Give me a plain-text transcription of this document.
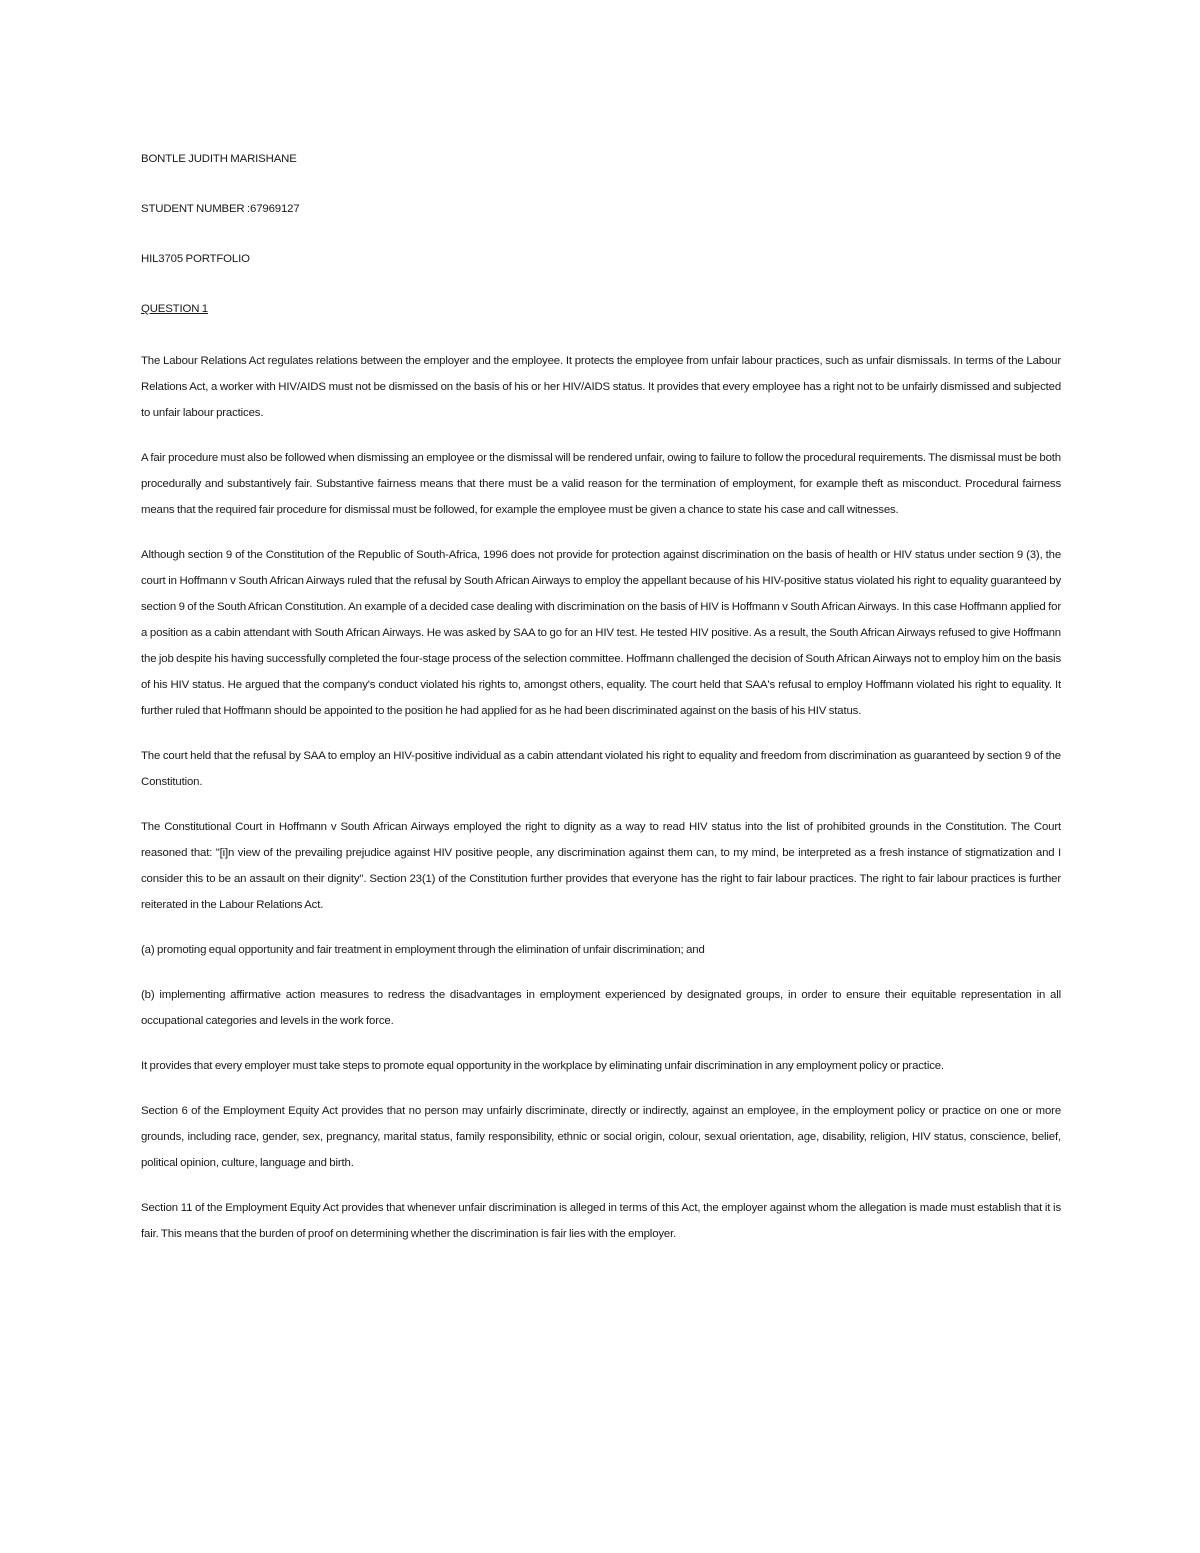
BONTLE JUDITH MARISHANE

STUDENT NUMBER :67969127

HIL3705 PORTFOLIO

QUESTION 1

The Labour Relations Act regulates relations between the employer and the employee. It protects the employee from unfair labour practices, such as unfair dismissals. In terms of the Labour Relations Act, a worker with HIV/AIDS must not be dismissed on the basis of his or her HIV/AIDS status. It provides that every employee has a right not to be unfairly dismissed and subjected to unfair labour practices.

A fair procedure must also be followed when dismissing an employee or the dismissal will be rendered unfair, owing to failure to follow the procedural requirements. The dismissal must be both procedurally and substantively fair. Substantive fairness means that there must be a valid reason for the termination of employment, for example theft as misconduct. Procedural fairness means that the required fair procedure for dismissal must be followed, for example the employee must be given a chance to state his case and call witnesses.

Although section 9 of the Constitution of the Republic of South-Africa, 1996 does not provide for protection against discrimination on the basis of health or HIV status under section 9 (3), the court in Hoffmann v South African Airways ruled that the refusal by South African Airways to employ the appellant because of his HIV-positive status violated his right to equality guaranteed by section 9 of the South African Constitution. An example of a decided case dealing with discrimination on the basis of HIV is Hoffmann v South African Airways. In this case Hoffmann applied for a position as a cabin attendant with South African Airways. He was asked by SAA to go for an HIV test. He tested HIV positive. As a result, the South African Airways refused to give Hoffmann the job despite his having successfully completed the four-stage process of the selection committee. Hoffmann challenged the decision of South African Airways not to employ him on the basis of his HIV status. He argued that the company's conduct violated his rights to, amongst others, equality. The court held that SAA's refusal to employ Hoffmann violated his right to equality. It further ruled that Hoffmann should be appointed to the position he had applied for as he had been discriminated against on the basis of his HIV status.

The court held that the refusal by SAA to employ an HIV-positive individual as a cabin attendant violated his right to equality and freedom from discrimination as guaranteed by section 9 of the Constitution.

The Constitutional Court in Hoffmann v South African Airways employed the right to dignity as a way to read HIV status into the list of prohibited grounds in the Constitution. The Court reasoned that: "[i]n view of the prevailing prejudice against HIV positive people, any discrimination against them can, to my mind, be interpreted as a fresh instance of stigmatization and I consider this to be an assault on their dignity". Section 23(1) of the Constitution further provides that everyone has the right to fair labour practices. The right to fair labour practices is further reiterated in the Labour Relations Act.

(a) promoting equal opportunity and fair treatment in employment through the elimination of unfair discrimination; and

(b) implementing affirmative action measures to redress the disadvantages in employment experienced by designated groups, in order to ensure their equitable representation in all occupational categories and levels in the work force.

It provides that every employer must take steps to promote equal opportunity in the workplace by eliminating unfair discrimination in any employment policy or practice.

Section 6 of the Employment Equity Act provides that no person may unfairly discriminate, directly or indirectly, against an employee, in the employment policy or practice on one or more grounds, including race, gender, sex, pregnancy, marital status, family responsibility, ethnic or social origin, colour, sexual orientation, age, disability, religion, HIV status, conscience, belief, political opinion, culture, language and birth.

Section 11 of the Employment Equity Act provides that whenever unfair discrimination is alleged in terms of this Act, the employer against whom the allegation is made must establish that it is fair. This means that the burden of proof on determining whether the discrimination is fair lies with the employer.
